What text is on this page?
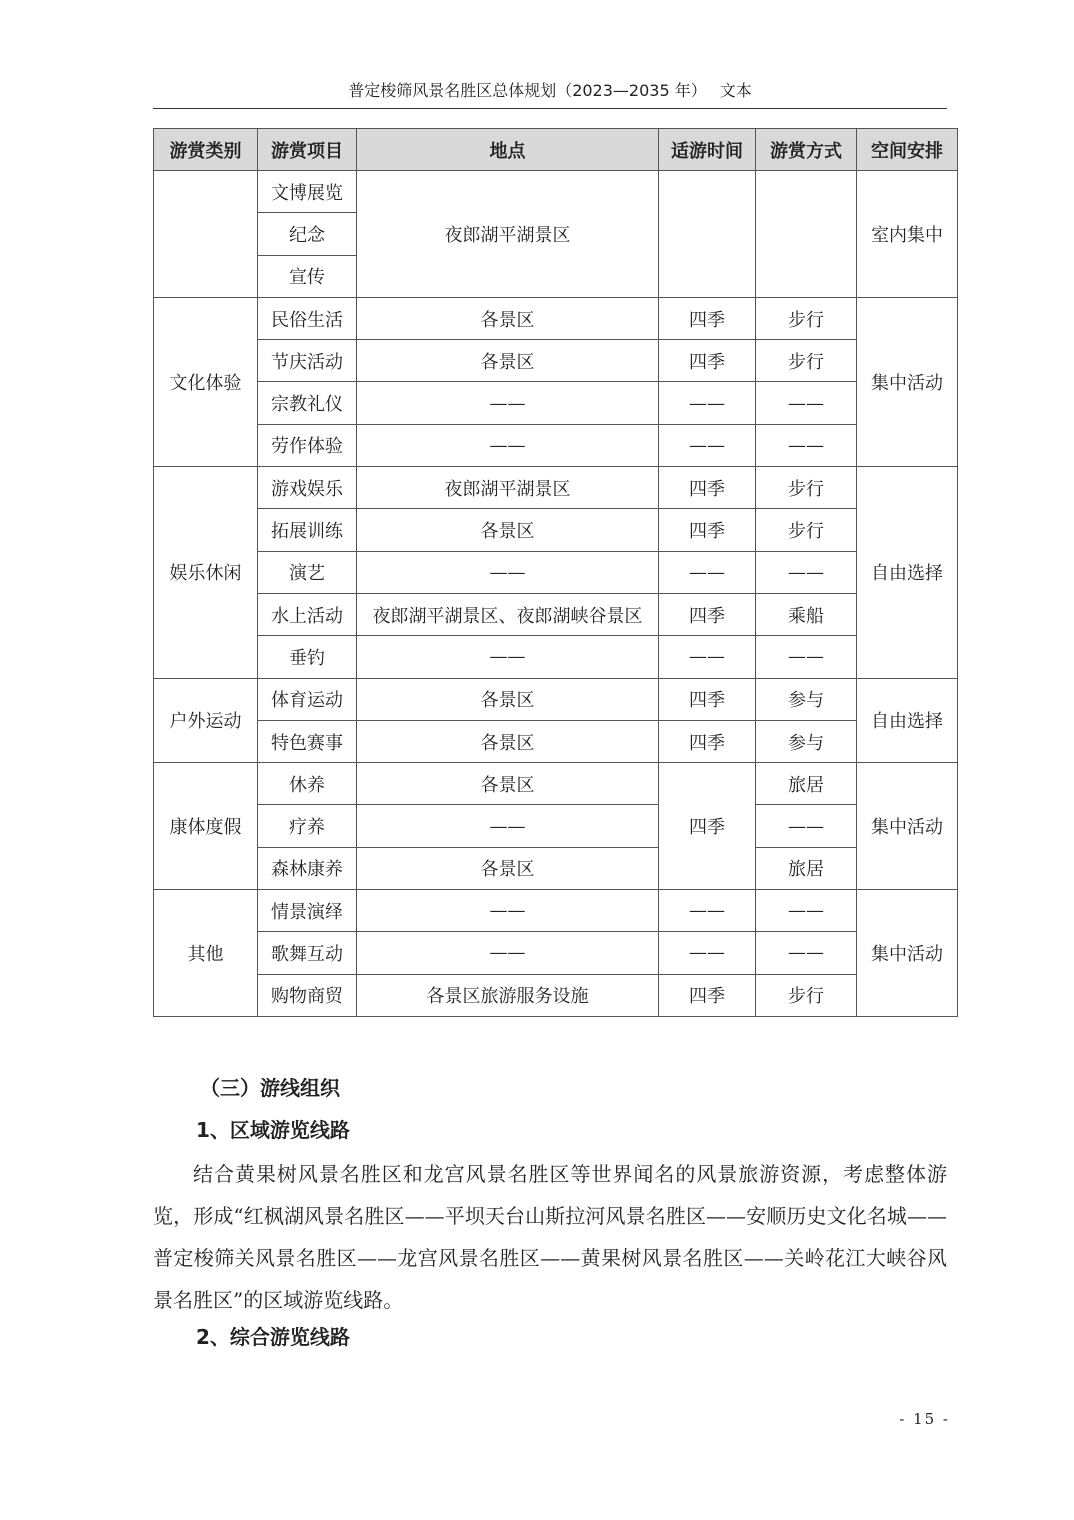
普定梭筛风景名胜区总体规划（2023—2035 年）　 文本
游赏类别	游赏项目	地点	适游时间	游赏方式	空间安排
	文博展览	夜郎湖平湖景区			室内集中
	纪念				
	宣传				
文化体验	民俗生活	各景区	四季	步行	集中活动
	节庆活动	各景区	四季	步行	
	宗教礼仪	——	——	——	
	劳作体验	——	——	——	
娱乐休闲	游戏娱乐	夜郎湖平湖景区	四季	步行	自由选择
	拓展训练	各景区	四季	步行	
	演艺	——	——	——	
	水上活动	夜郎湖平湖景区、夜郎湖峡谷景区	四季	乘船	
	垂钓	——	——	——	
户外运动	体育运动	各景区	四季	参与	自由选择
	特色赛事	各景区	四季	参与	
康体度假	休养	各景区	四季	旅居	集中活动
	疗养	——		——	
	森林康养	各景区		旅居	
其他	情景演绎	——	——	——	集中活动
	歌舞互动	——	——	——	
	购物商贸	各景区旅游服务设施	四季	步行	
（三）游线组织
1、区域游览线路
结合黄果树风景名胜区和龙宫风景名胜区等世界闻名的风景旅游资源，考虑整体游览，形成“红枫湖风景名胜区——平坝天台山斯拉河风景名胜区——安顺历史文化名城——普定梭筛关风景名胜区——龙宫风景名胜区——黄果树风景名胜区——关岭花江大峡谷风景名胜区”的区域游览线路。
2、综合游览线路
- 15 -
